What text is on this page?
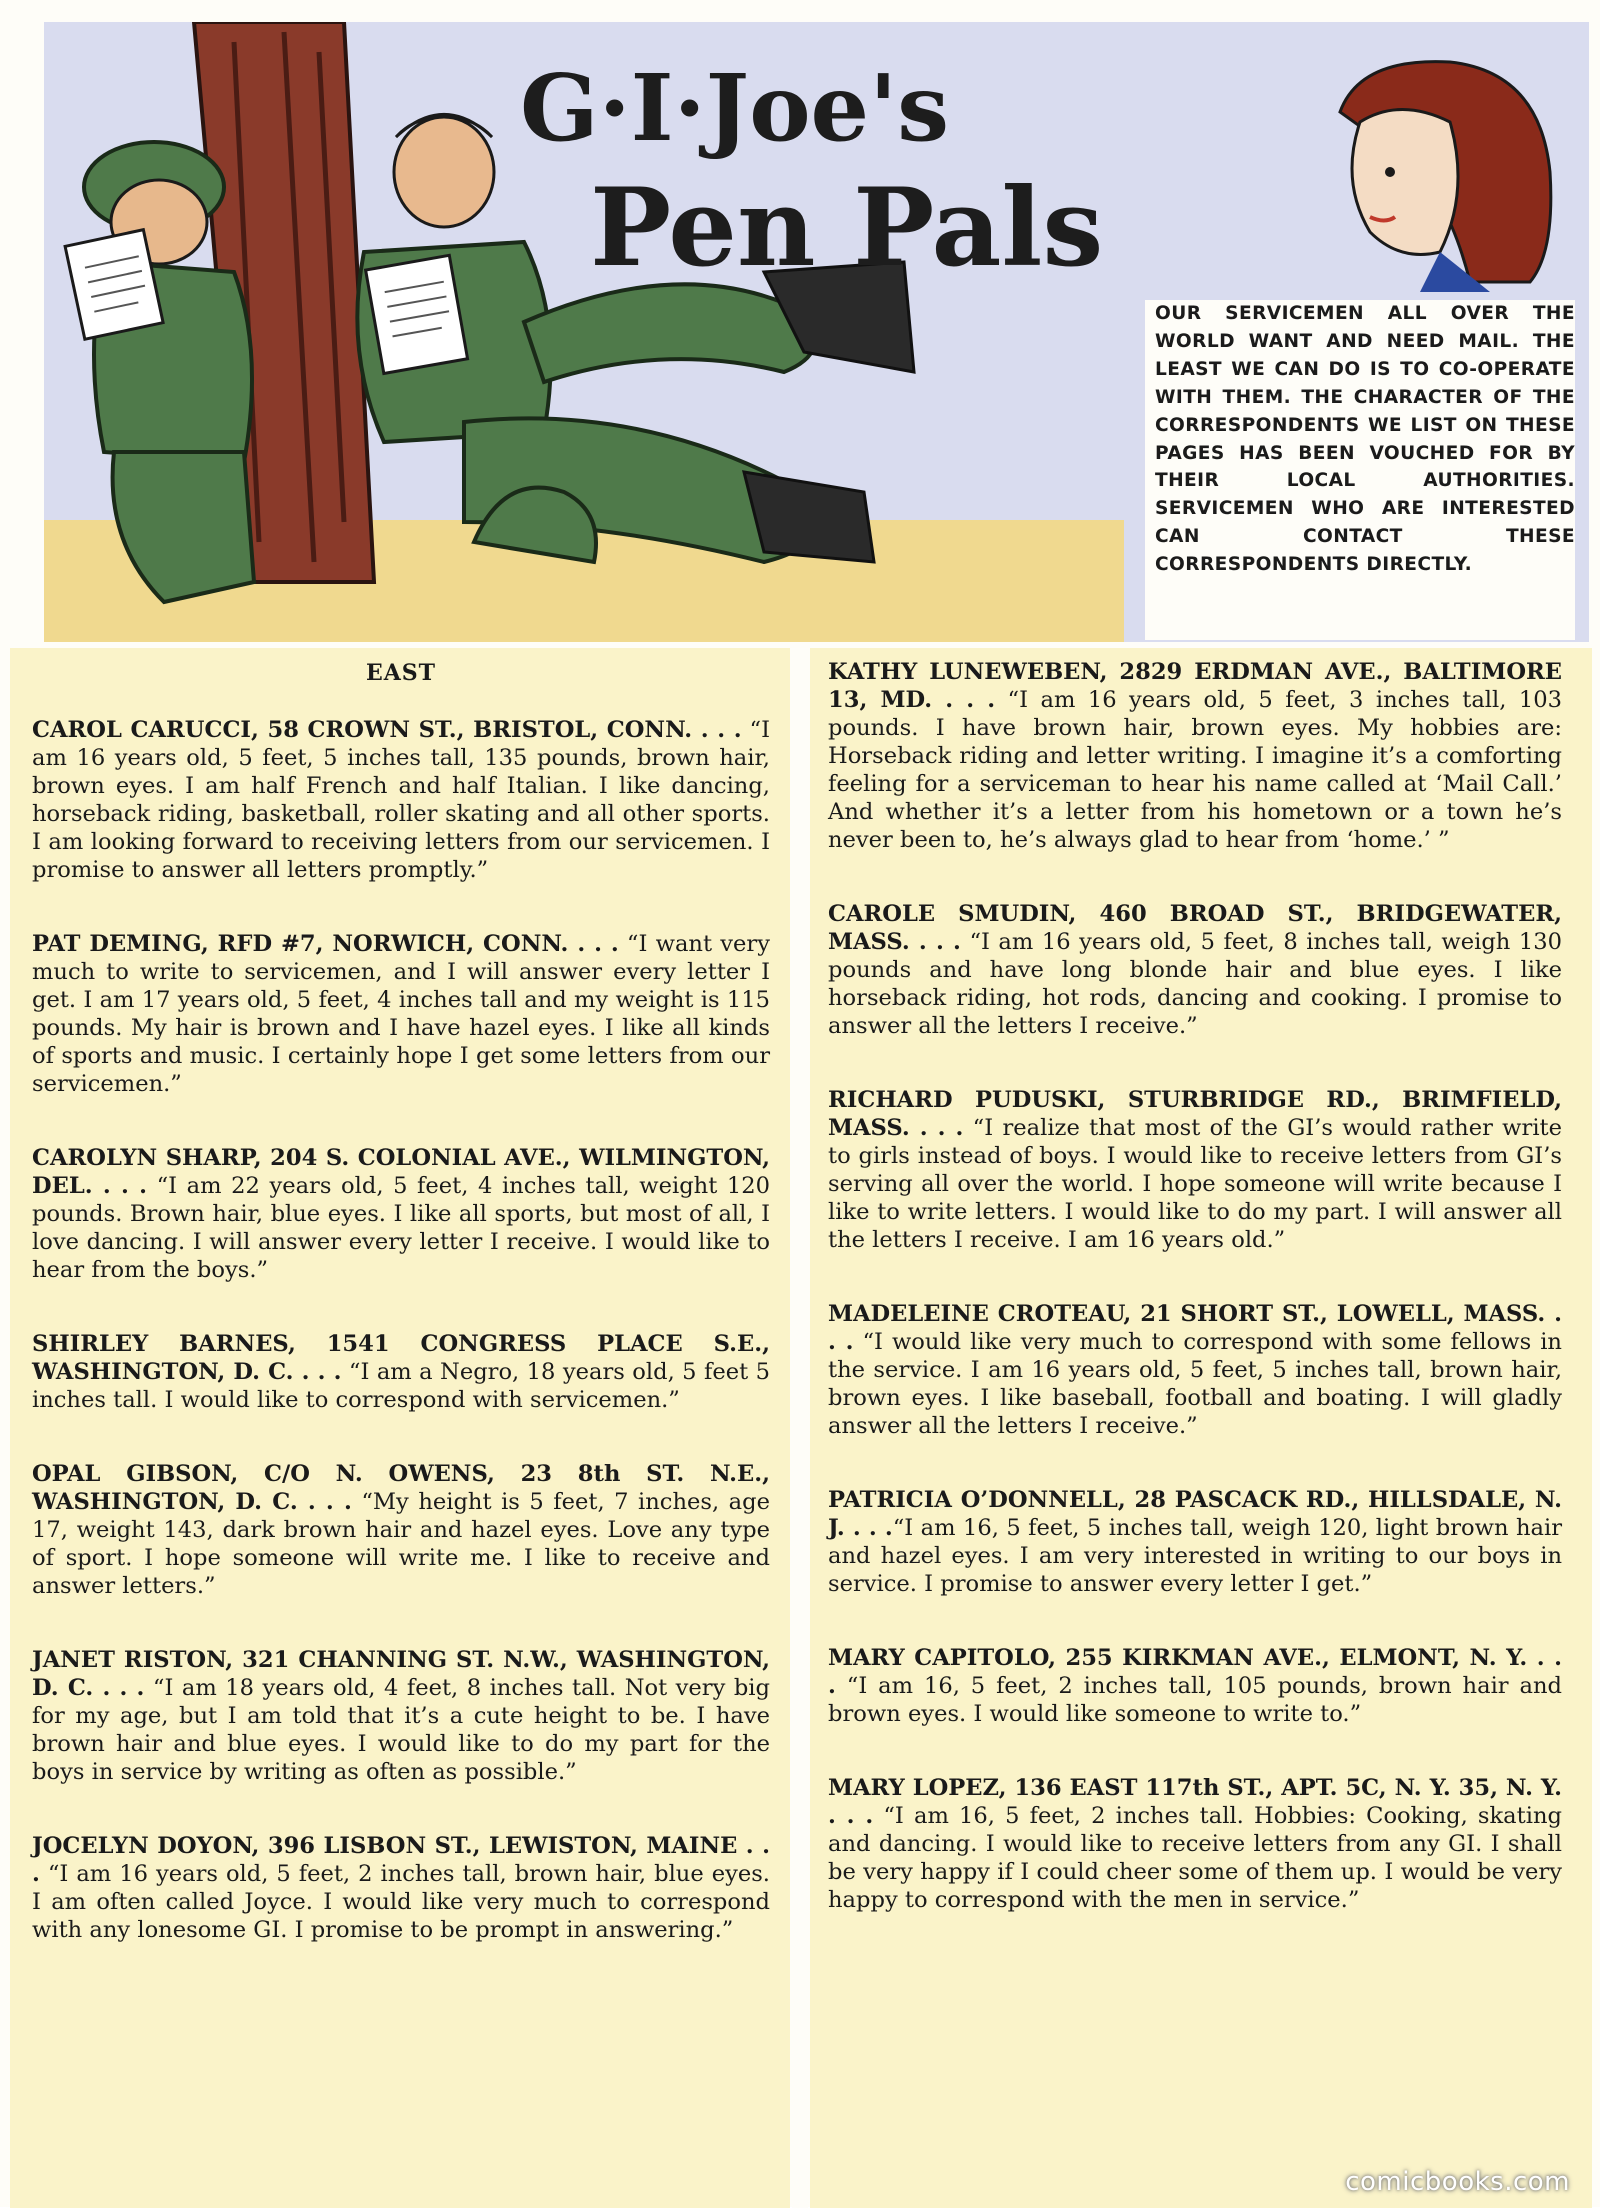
G·I·Joe's
Pen Pals
OUR SERVICEMEN ALL OVER THE WORLD WANT AND NEED MAIL. THE LEAST WE CAN DO IS TO CO-OPERATE WITH THEM. THE CHARACTER OF THE CORRESPONDENTS WE LIST ON THESE PAGES HAS BEEN VOUCHED FOR BY THEIR LOCAL AUTHORITIES. SERVICEMEN WHO ARE INTERESTED CAN CONTACT THESE CORRESPONDENTS DIRECTLY.
EAST

CAROL CARUCCI, 58 CROWN ST., BRISTOL, CONN. . . . “I am 16 years old, 5 feet, 5 inches tall, 135 pounds, brown hair, brown eyes. I am half French and half Italian. I like dancing, horseback riding, basketball, roller skating and all other sports. I am looking forward to receiving letters from our servicemen. I promise to answer all letters promptly.”

PAT DEMING, RFD #7, NORWICH, CONN. . . . “I want very much to write to servicemen, and I will answer every letter I get. I am 17 years old, 5 feet, 4 inches tall and my weight is 115 pounds. My hair is brown and I have hazel eyes. I like all kinds of sports and music. I certainly hope I get some letters from our servicemen.”

CAROLYN SHARP, 204 S. COLONIAL AVE., WILMINGTON, DEL. . . . “I am 22 years old, 5 feet, 4 inches tall, weight 120 pounds. Brown hair, blue eyes. I like all sports, but most of all, I love dancing. I will answer every letter I receive. I would like to hear from the boys.”

SHIRLEY BARNES, 1541 CONGRESS PLACE S.E., WASHINGTON, D. C. . . . “I am a Negro, 18 years old, 5 feet 5 inches tall. I would like to correspond with servicemen.”

OPAL GIBSON, C/O N. OWENS, 23 8th ST. N.E., WASHINGTON, D. C. . . . “My height is 5 feet, 7 inches, age 17, weight 143, dark brown hair and hazel eyes. Love any type of sport. I hope someone will write me. I like to receive and answer letters.”

JANET RISTON, 321 CHANNING ST. N.W., WASHINGTON, D. C. . . . “I am 18 years old, 4 feet, 8 inches tall. Not very big for my age, but I am told that it’s a cute height to be. I have brown hair and blue eyes. I would like to do my part for the boys in service by writing as often as possible.”

JOCELYN DOYON, 396 LISBON ST., LEWISTON, MAINE . . . “I am 16 years old, 5 feet, 2 inches tall, brown hair, blue eyes. I am often called Joyce. I would like very much to correspond with any lonesome GI. I promise to be prompt in answering.”

KATHY LUNEWEBEN, 2829 ERDMAN AVE., BALTIMORE 13, MD. . . . “I am 16 years old, 5 feet, 3 inches tall, 103 pounds. I have brown hair, brown eyes. My hobbies are: Horseback riding and letter writing. I imagine it’s a comforting feeling for a serviceman to hear his name called at ‘Mail Call.’ And whether it’s a letter from his hometown or a town he’s never been to, he’s always glad to hear from ‘home.’ ”

CAROLE SMUDIN, 460 BROAD ST., BRIDGEWATER, MASS. . . . “I am 16 years old, 5 feet, 8 inches tall, weigh 130 pounds and have long blonde hair and blue eyes. I like horseback riding, hot rods, dancing and cooking. I promise to answer all the letters I receive.”

RICHARD PUDUSKI, STURBRIDGE RD., BRIMFIELD, MASS. . . . “I realize that most of the GI’s would rather write to girls instead of boys. I would like to receive letters from GI’s serving all over the world. I hope someone will write because I like to write letters. I would like to do my part. I will answer all the letters I receive. I am 16 years old.”

MADELEINE CROTEAU, 21 SHORT ST., LOWELL, MASS. . . . “I would like very much to correspond with some fellows in the service. I am 16 years old, 5 feet, 5 inches tall, brown hair, brown eyes. I like baseball, football and boating. I will gladly answer all the letters I receive.”

PATRICIA O’DONNELL, 28 PASCACK RD., HILLSDALE, N. J. . . .“I am 16, 5 feet, 5 inches tall, weigh 120, light brown hair and hazel eyes. I am very interested in writing to our boys in service. I promise to answer every letter I get.”

MARY CAPITOLO, 255 KIRKMAN AVE., ELMONT, N. Y. . . . “I am 16, 5 feet, 2 inches tall, 105 pounds, brown hair and brown eyes. I would like someone to write to.”

MARY LOPEZ, 136 EAST 117th ST., APT. 5C, N. Y. 35, N. Y. . . . “I am 16, 5 feet, 2 inches tall. Hobbies: Cooking, skating and dancing. I would like to receive letters from any GI. I shall be very happy if I could cheer some of them up. I would be very happy to correspond with the men in service.”

comicbooks.com
